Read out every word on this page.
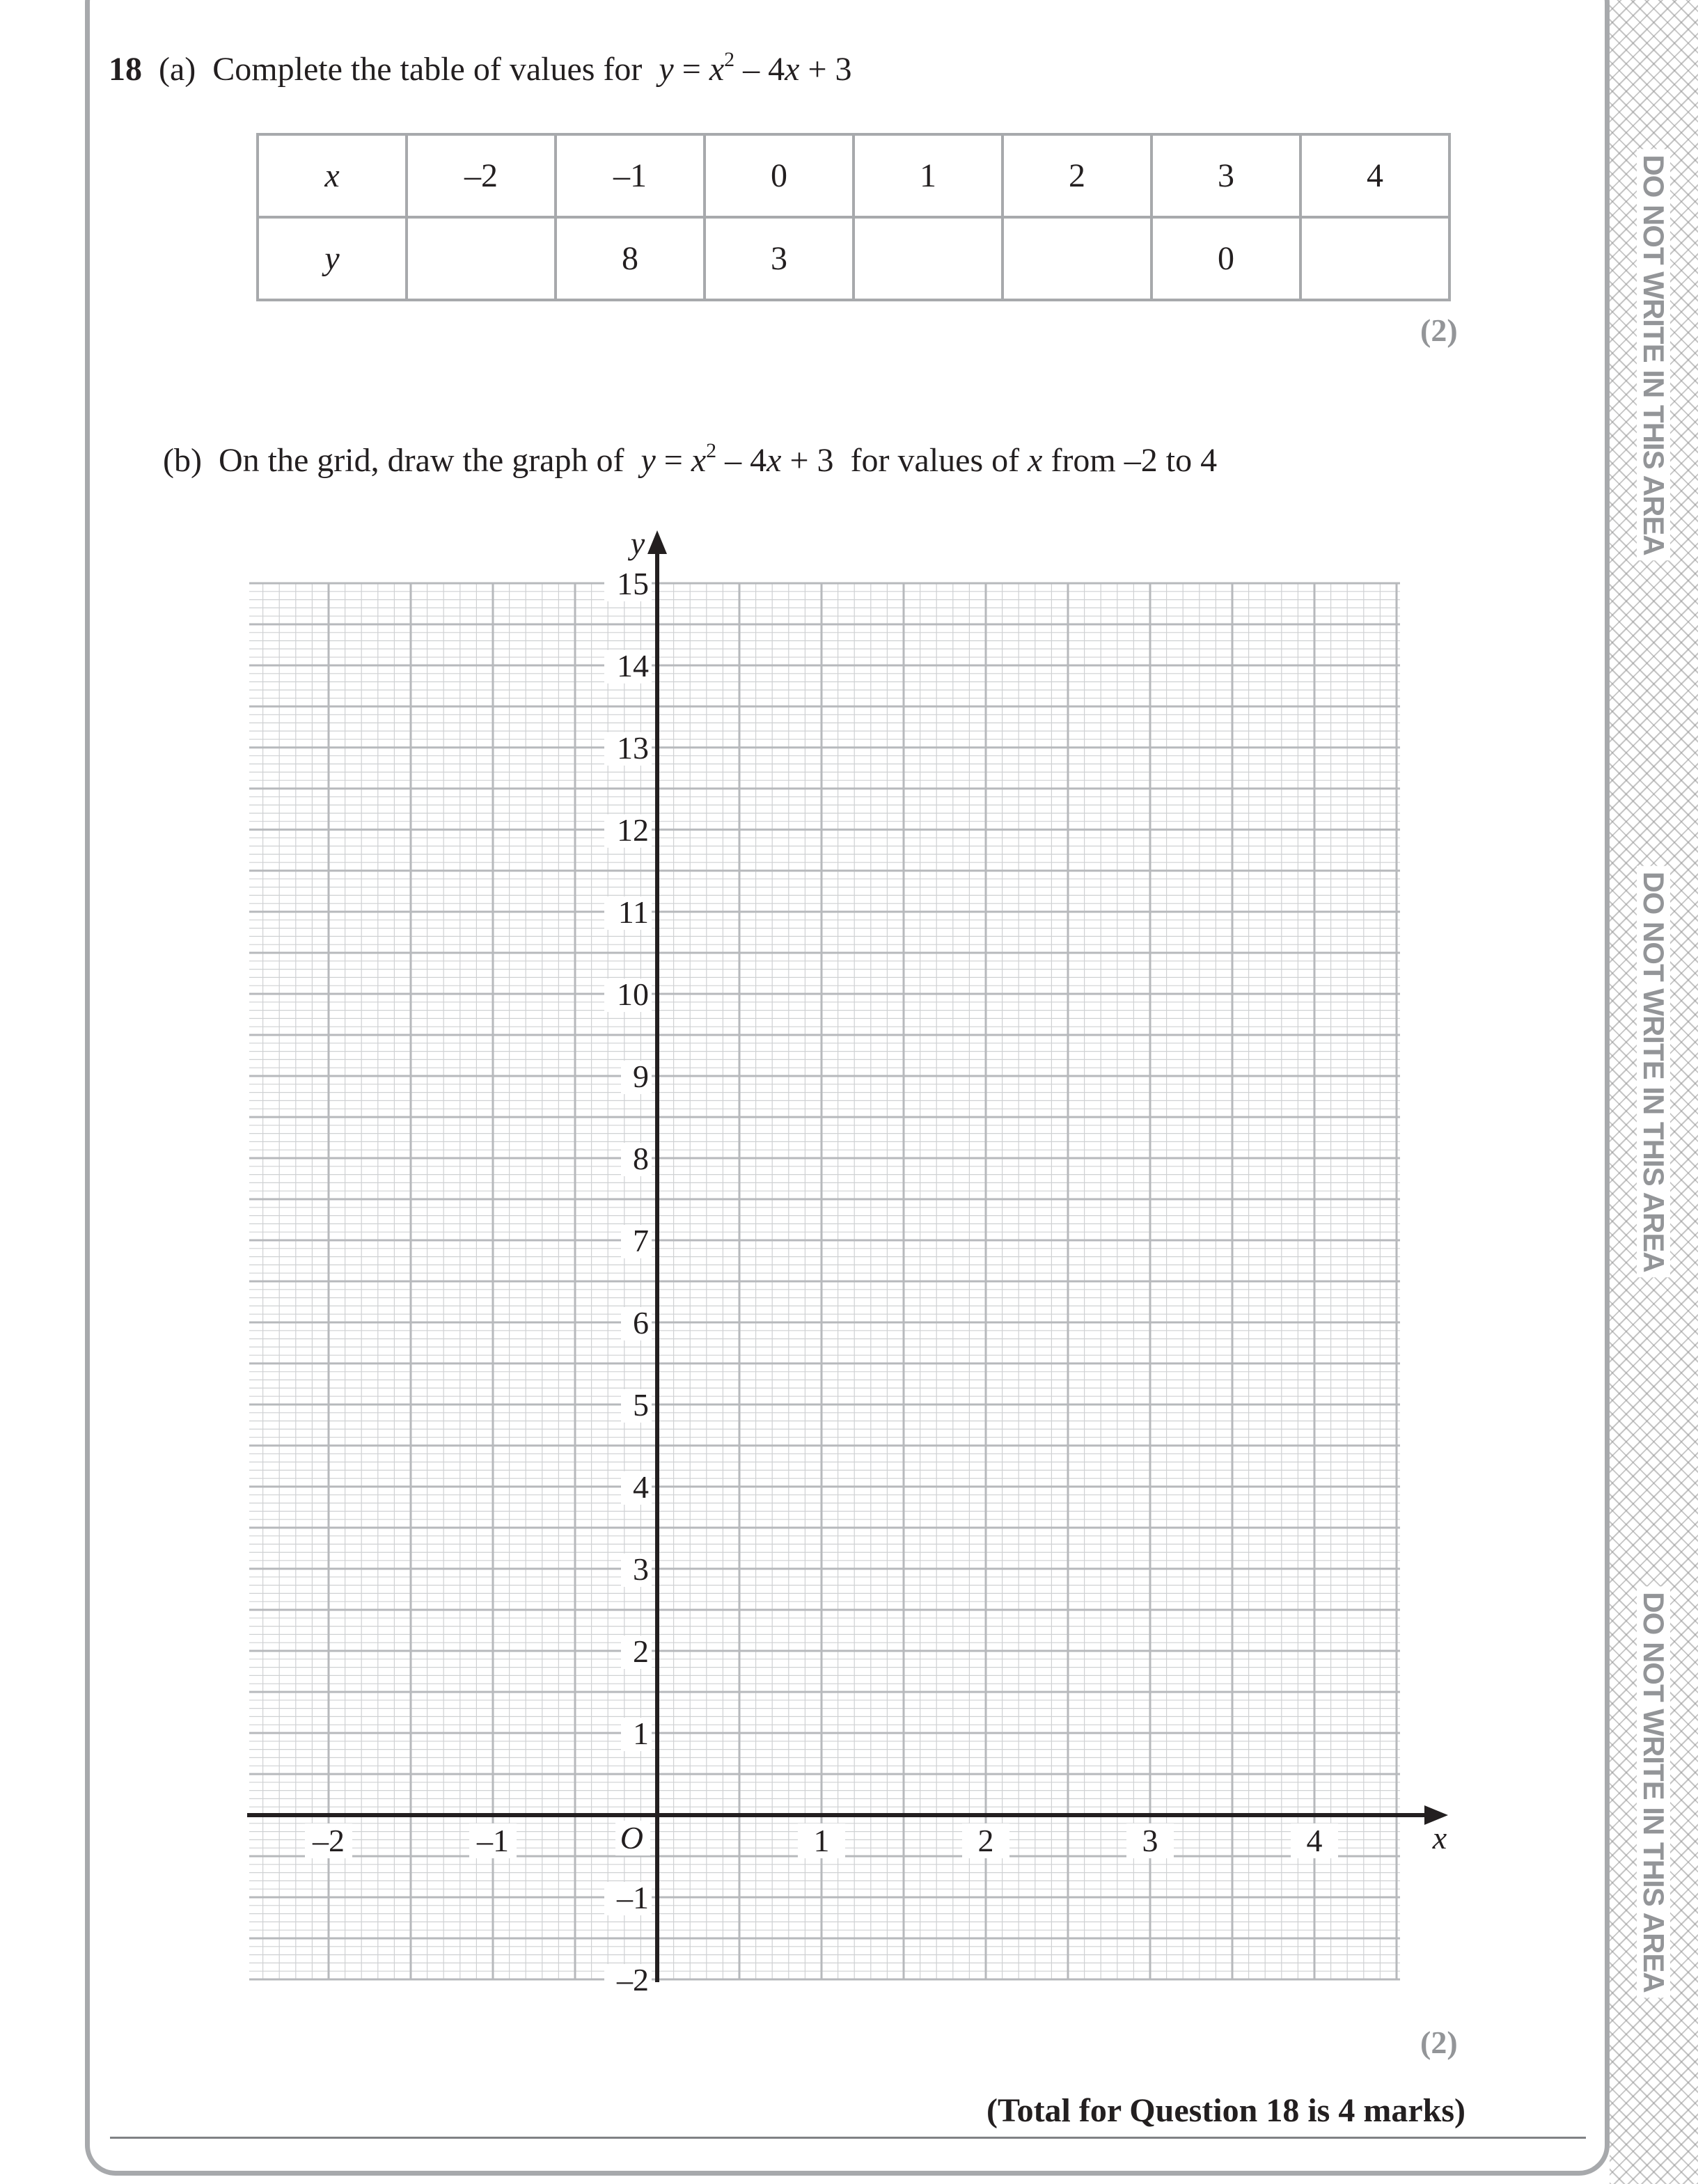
DO NOT WRITE IN THIS AREA
DO NOT WRITE IN THIS AREA
DO NOT WRITE IN THIS AREA
18 (a) Complete the table of values for $y = x^2 - 4x + 3$
x	–2	–1	0	1	2	3	4
y		8	3			0	
(2)
(b) On the grid, draw the graph of $y = x^2 - 4x + 3$ for values of x from –2 to 4
–2	–1	1	2	3	4
–2
–1
1
2
3
4
5
6
7
8
9
10
11
12
13
14
15
O	x
y
(2)
(Total for Question 18 is 4 marks)
